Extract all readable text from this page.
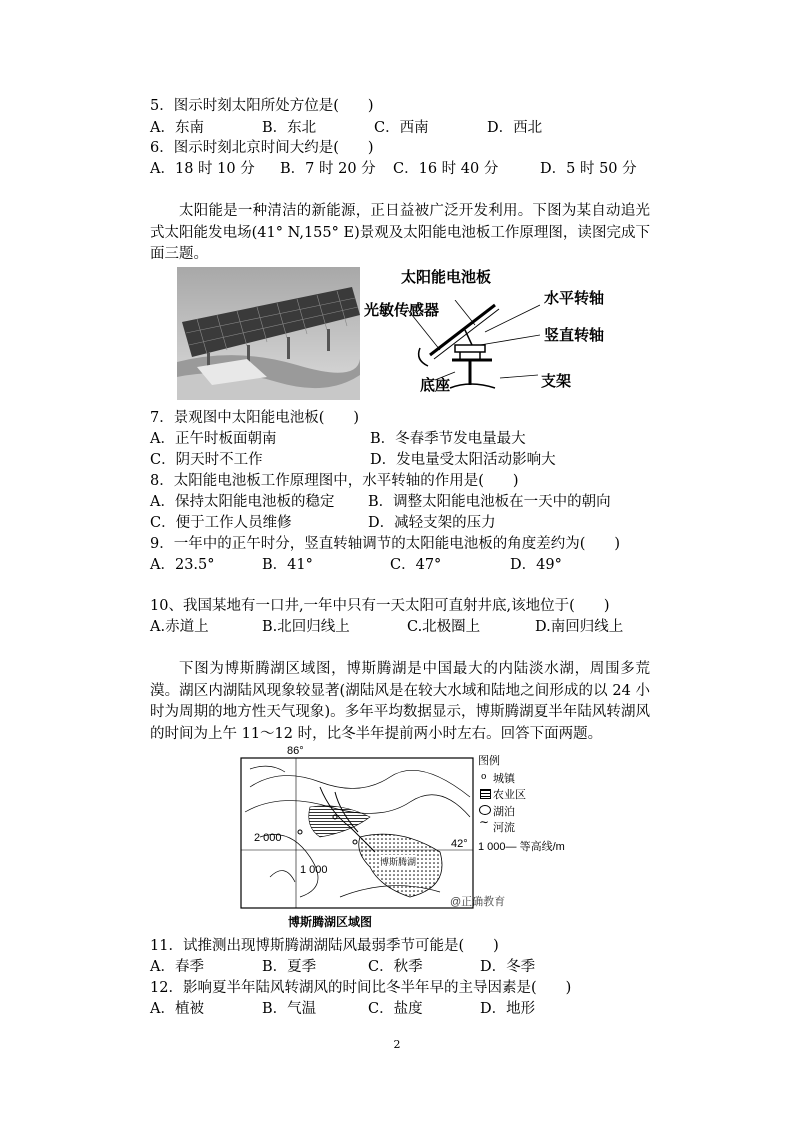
5．图示时刻太阳所处方位是(　　)
A．东南	B．东北	C．西南	D．西北
6．图示时刻北京时间大约是(　　)
A．18 时 10 分 B．7 时 20 分 C．16 时 40 分	D．5 时 50 分
太阳能是一种清洁的新能源，正日益被广泛开发利用。下图为某自动追光式太阳能发电场(41° N,155° E)景观及太阳能电池板工作原理图，读图完成下面三题。
太阳能电池板
光敏传感器
水平转轴
竖直转轴
底座	支架
7．景观图中太阳能电池板(　　)
A．正午时板面朝南	B．冬春季节发电量最大
C．阴天时不工作	D．发电量受太阳活动影响大
8．太阳能电池板工作原理图中，水平转轴的作用是(　　)
A．保持太阳能电池板的稳定 B．调整太阳能电池板在一天中的朝向
C．便于工作人员维修	D．减轻支架的压力
9．一年中的正午时分，竖直转轴调节的太阳能电池板的角度差约为(　　)
A．23.5°	B．41°	C．47°	D．49°
10、我国某地有一口井,一年中只有一天太阳可直射井底,该地位于(　　)
A.赤道上	B.北回归线上	C.北极圈上	D.南回归线上
下图为博斯腾湖区域图，博斯腾湖是中国最大的内陆淡水湖，周围多荒漠。湖区内湖陆风现象较显著(湖陆风是在较大水域和陆地之间形成的以 24 小时为周期的地方性天气现象)。多年平均数据显示，博斯腾湖夏半年陆风转湖风的时间为上午 11～12 时，比冬半年提前两小时左右。回答下面两题。
86°
42°
2 000
1 000
博斯腾湖
@正确教育
图例
o 城镇
农业区
湖泊
∼ 河流
1 000— 等高线/m
博斯腾湖区域图
11．试推测出现博斯腾湖湖陆风最弱季节可能是(　　)
A．春季	B．夏季	C．秋季	D．冬季
12．影响夏半年陆风转湖风的时间比冬半年早的主导因素是(　　)
A．植被	B．气温	C．盐度	D．地形
2
